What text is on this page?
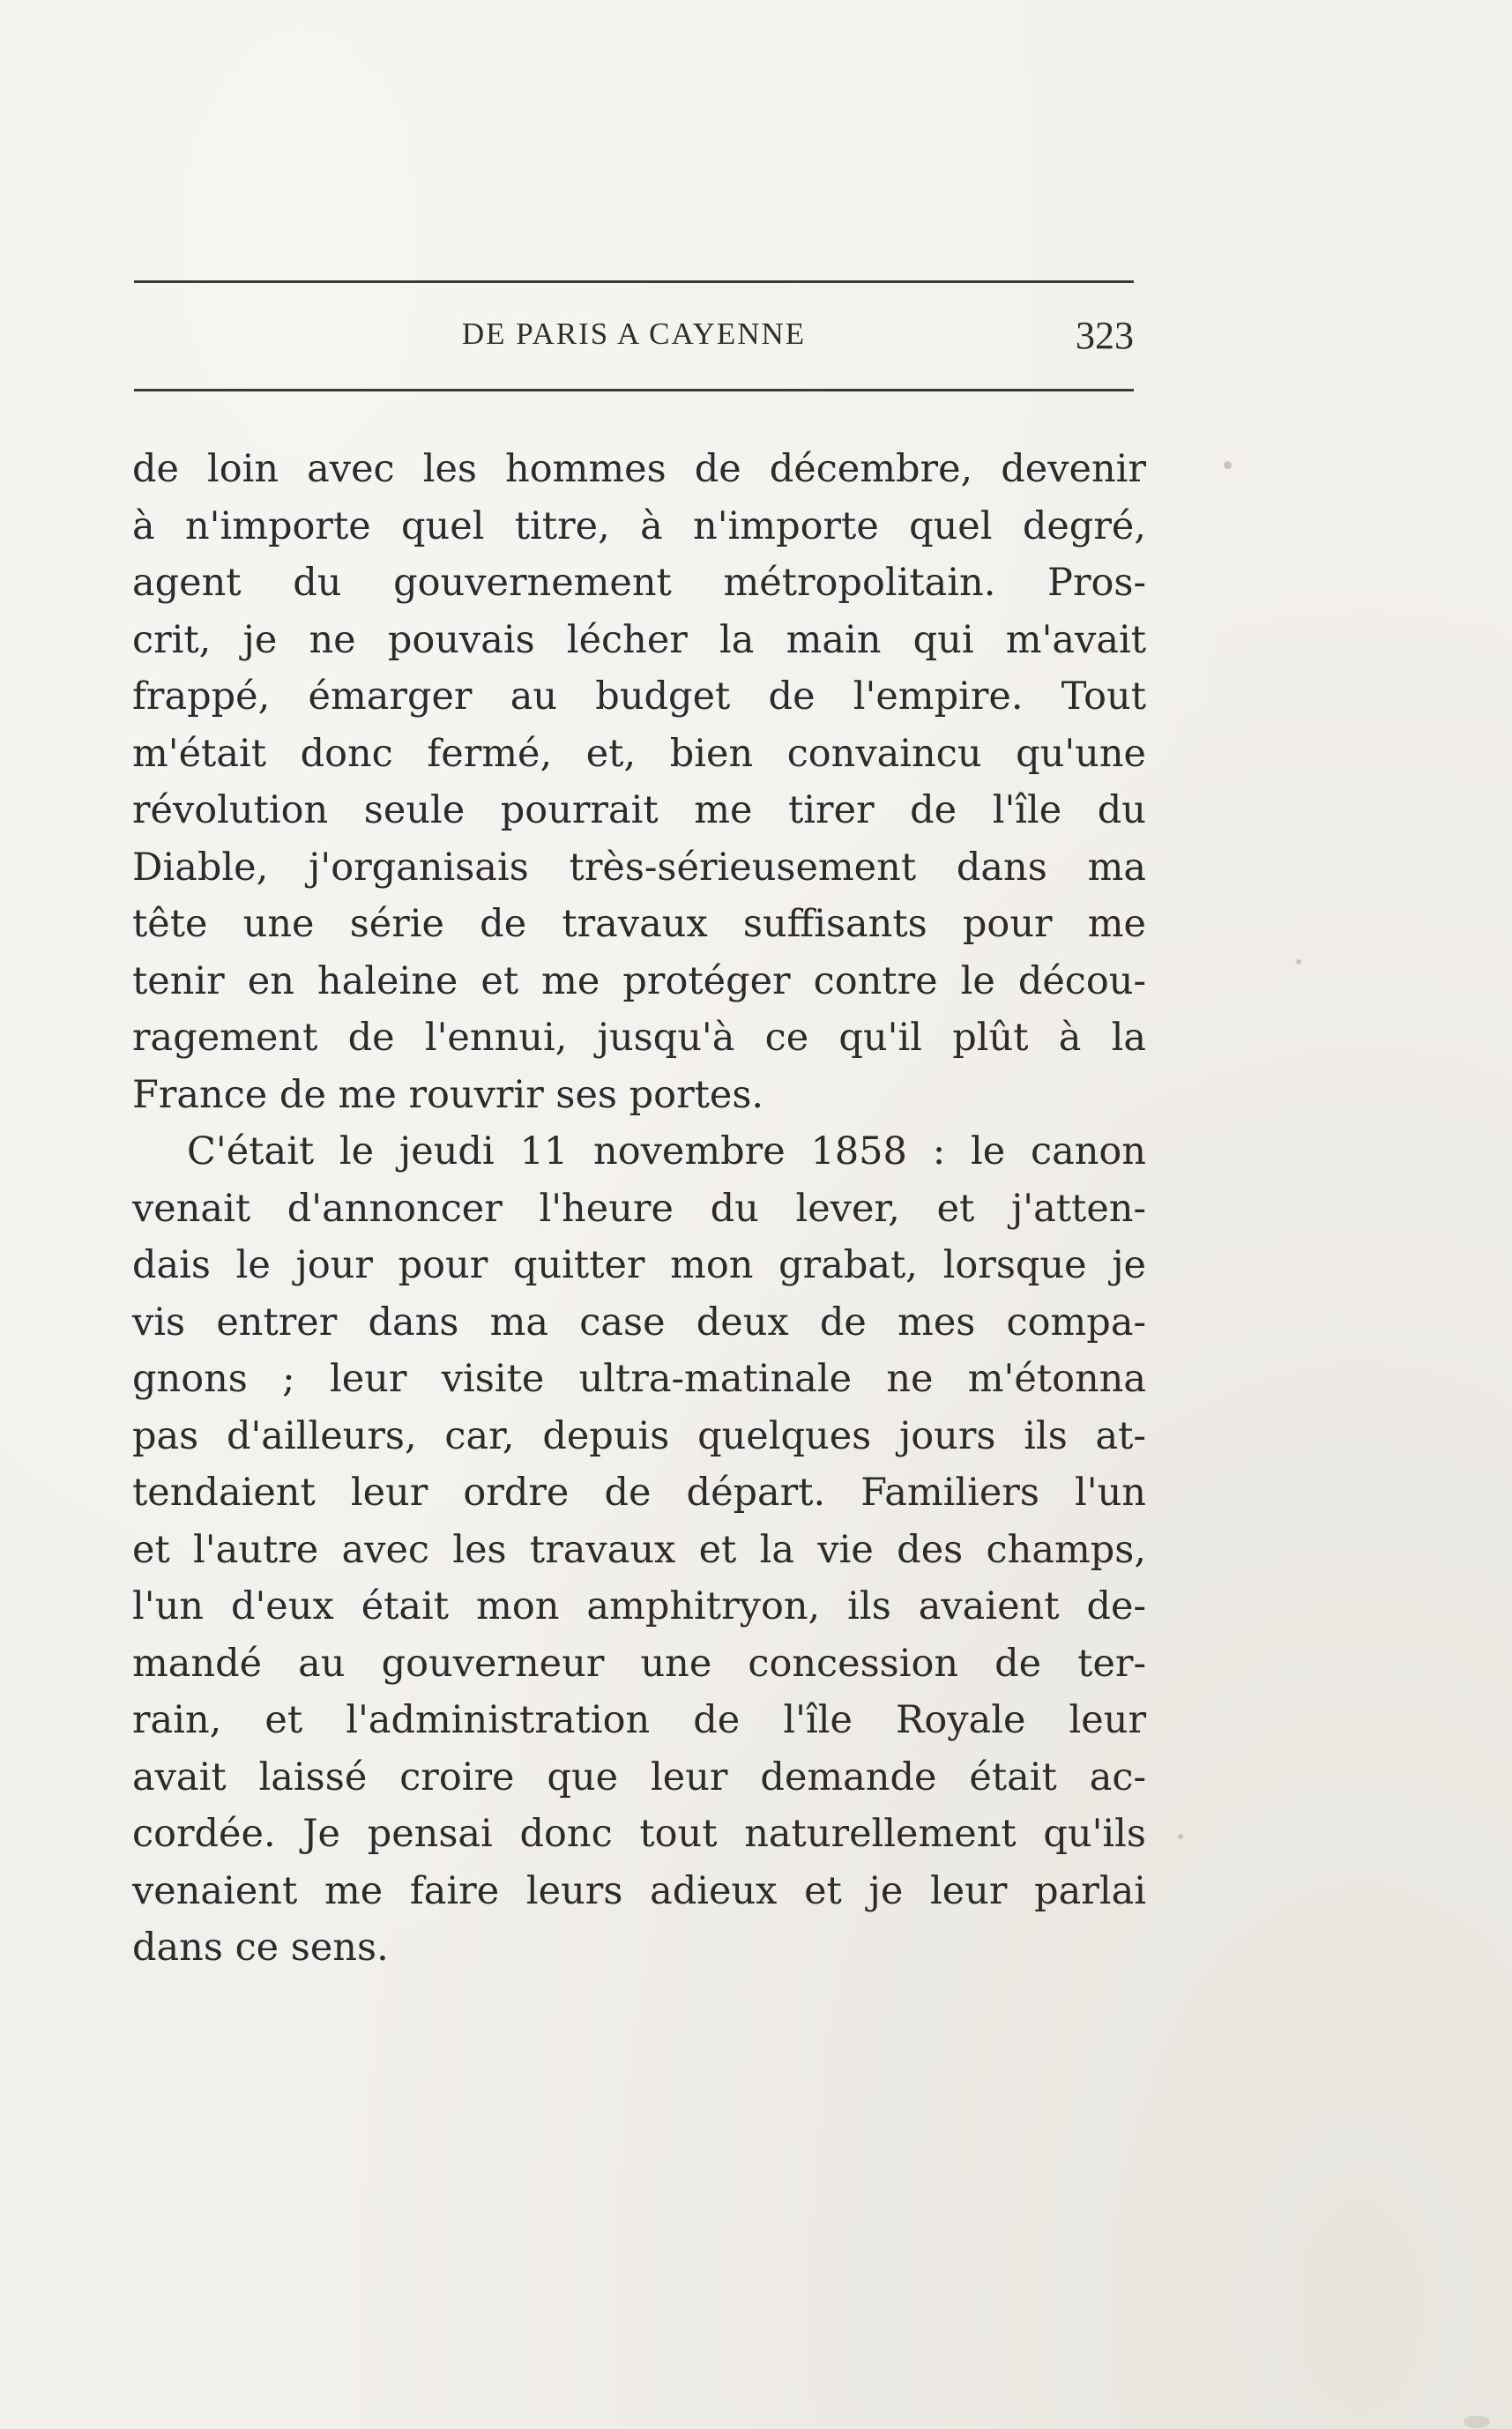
DE PARIS A CAYENNE	323
de loin avec les hommes de décembre, devenir
à n'importe quel titre, à n'importe quel degré,
agent du gouvernement métropolitain. Pros-
crit, je ne pouvais lécher la main qui m'avait
frappé, émarger au budget de l'empire. Tout
m'était donc fermé, et, bien convaincu qu'une
révolution seule pourrait me tirer de l'île du
Diable, j'organisais très-sérieusement dans ma
tête une série de travaux suffisants pour me
tenir en haleine et me protéger contre le décou-
ragement de l'ennui, jusqu'à ce qu'il plût à la
France de me rouvrir ses portes.
C'était le jeudi 11 novembre 1858 : le canon
venait d'annoncer l'heure du lever, et j'atten-
dais le jour pour quitter mon grabat, lorsque je
vis entrer dans ma case deux de mes compa-
gnons ; leur visite ultra-matinale ne m'étonna
pas d'ailleurs, car, depuis quelques jours ils at-
tendaient leur ordre de départ. Familiers l'un
et l'autre avec les travaux et la vie des champs,
l'un d'eux était mon amphitryon, ils avaient de-
mandé au gouverneur une concession de ter-
rain, et l'administration de l'île Royale leur
avait laissé croire que leur demande était ac-
cordée. Je pensai donc tout naturellement qu'ils
venaient me faire leurs adieux et je leur parlai
dans ce sens.
